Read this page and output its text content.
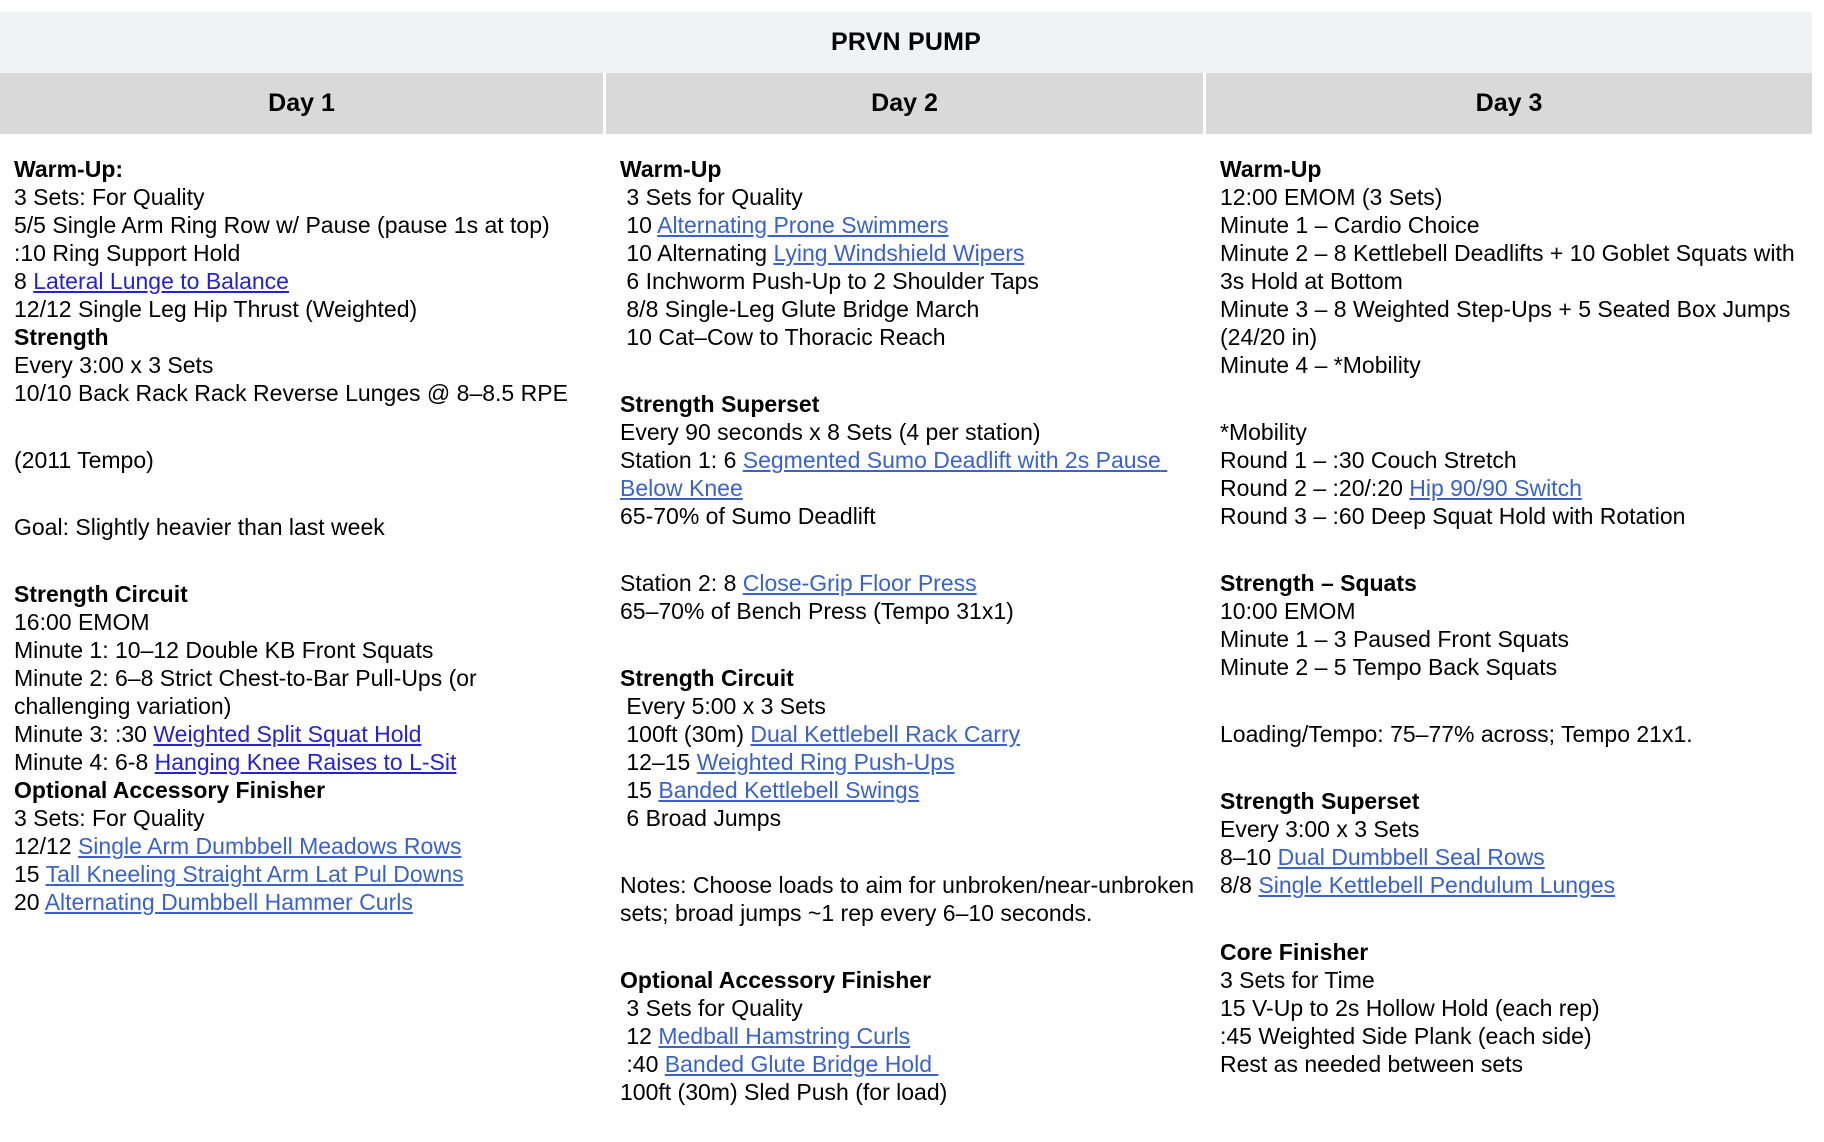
PRVN PUMP
Day 1	Day 2	Day 3
Warm-Up:
3 Sets: For Quality
5/5 Single Arm Ring Row w/ Pause (pause 1s at top)
:10 Ring Support Hold
8 Lateral Lunge to Balance
12/12 Single Leg Hip Thrust (Weighted)
Strength
Every 3:00 x 3 Sets
10/10 Back Rack Rack Reverse Lunges @ 8–8.5 RPE
(2011 Tempo)
Goal: Slightly heavier than last week
Strength Circuit
16:00 EMOM
Minute 1: 10–12 Double KB Front Squats
Minute 2: 6–8 Strict Chest-to-Bar Pull-Ups (or challenging variation)
Minute 3: :30 Weighted Split Squat Hold
Minute 4: 6-8 Hanging Knee Raises to L-Sit
Optional Accessory Finisher
3 Sets: For Quality
12/12 Single Arm Dumbbell Meadows Rows
15 Tall Kneeling Straight Arm Lat Pul Downs
20 Alternating Dumbbell Hammer Curls
Warm-Up
3 Sets for Quality
10 Alternating Prone Swimmers
10 Alternating Lying Windshield Wipers
6 Inchworm Push-Up to 2 Shoulder Taps
8/8 Single-Leg Glute Bridge March
10 Cat–Cow to Thoracic Reach
Strength Superset
Every 90 seconds x 8 Sets (4 per station)
Station 1: 6 Segmented Sumo Deadlift with 2s Pause Below Knee
65-70% of Sumo Deadlift
Station 2: 8 Close-Grip Floor Press
65–70% of Bench Press (Tempo 31x1)
Strength Circuit
Every 5:00 x 3 Sets
100ft (30m) Dual Kettlebell Rack Carry
12–15 Weighted Ring Push-Ups
15 Banded Kettlebell Swings
6 Broad Jumps
Notes: Choose loads to aim for unbroken/near-unbroken sets; broad jumps ~1 rep every 6–10 seconds.
Optional Accessory Finisher
3 Sets for Quality
12 Medball Hamstring Curls
:40 Banded Glute Bridge Hold
100ft (30m) Sled Push (for load)
Warm-Up
12:00 EMOM (3 Sets)
Minute 1 – Cardio Choice
Minute 2 – 8 Kettlebell Deadlifts + 10 Goblet Squats with 3s Hold at Bottom
Minute 3 – 8 Weighted Step-Ups + 5 Seated Box Jumps (24/20 in)
Minute 4 – *Mobility
*Mobility
Round 1 – :30 Couch Stretch
Round 2 – :20/:20 Hip 90/90 Switch
Round 3 – :60 Deep Squat Hold with Rotation
Strength – Squats
10:00 EMOM
Minute 1 – 3 Paused Front Squats
Minute 2 – 5 Tempo Back Squats
Loading/Tempo: 75–77% across; Tempo 21x1.
Strength Superset
Every 3:00 x 3 Sets
8–10 Dual Dumbbell Seal Rows
8/8 Single Kettlebell Pendulum Lunges
Core Finisher
3 Sets for Time
15 V-Up to 2s Hollow Hold (each rep)
:45 Weighted Side Plank (each side)
Rest as needed between sets
